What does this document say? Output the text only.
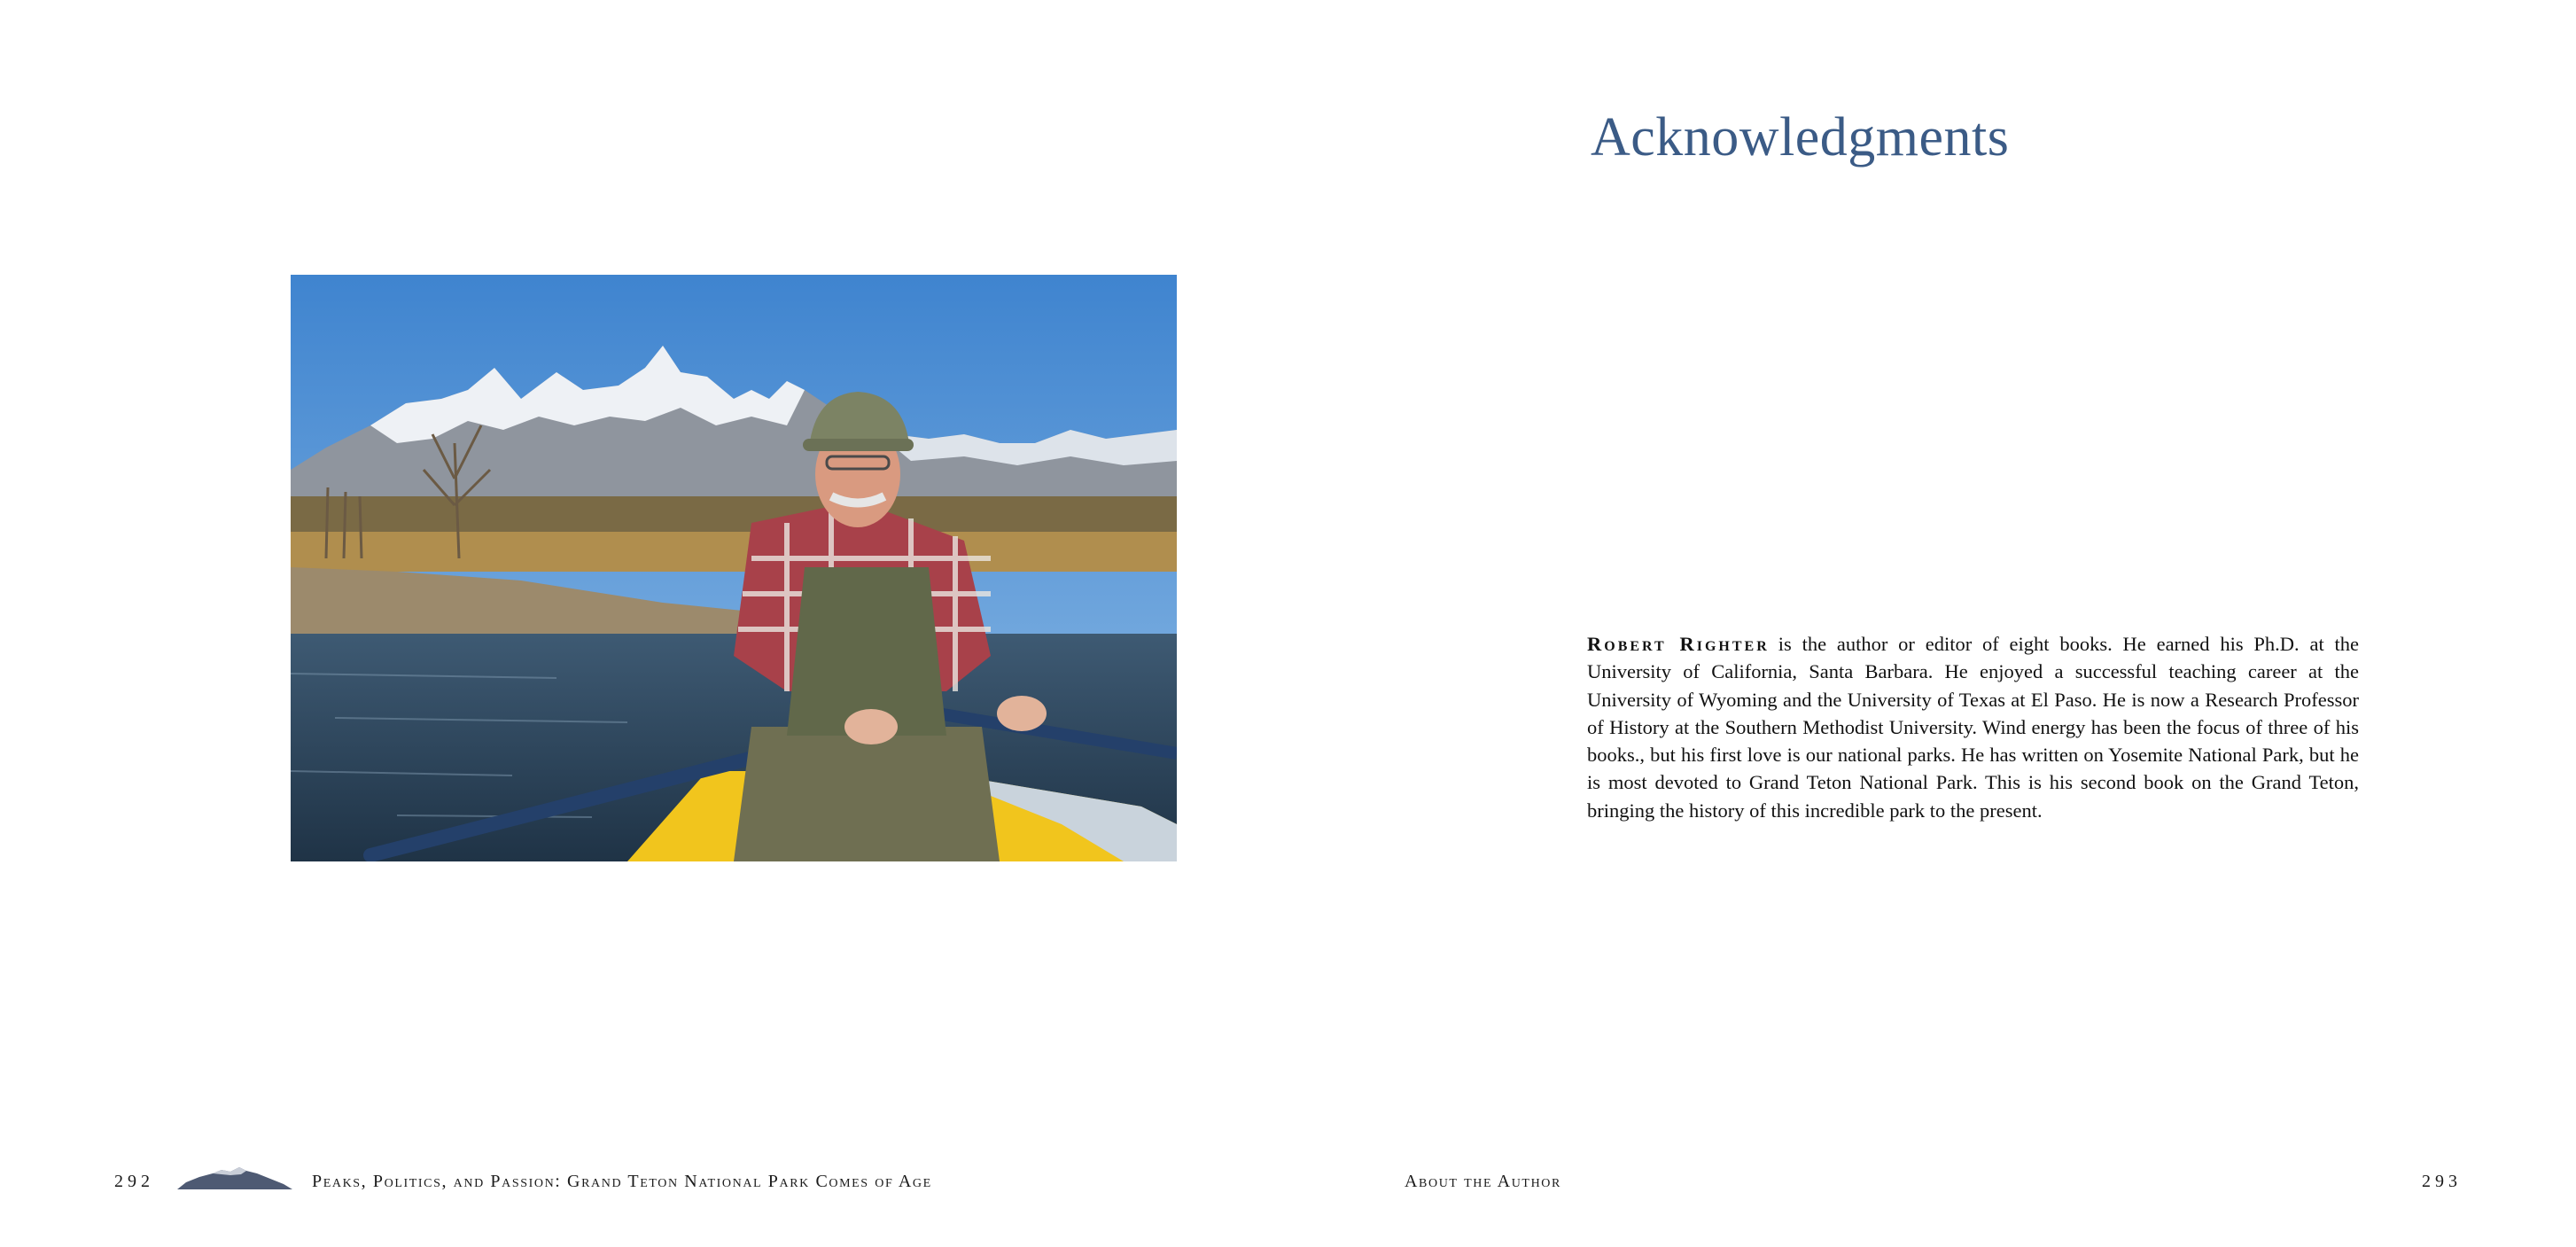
Acknowledgments

Robert Righter is the author or editor of eight books. He earned his Ph.D. at the University of California, Santa Barbara. He enjoyed a successful teaching career at the University of Wyoming and the University of Texas at El Paso. He is now a Research Professor of History at the Southern Methodist University. Wind energy has been the focus of three of his books., but his first love is our national parks. He has written on Yosemite National Park, but he is most devoted to Grand Teton National Park. This is his second book on the Grand Teton, bringing the history of this incredible park to the present.

292	Peaks, Politics, and Passion: Grand Teton National Park Comes of Age	About the Author	293
